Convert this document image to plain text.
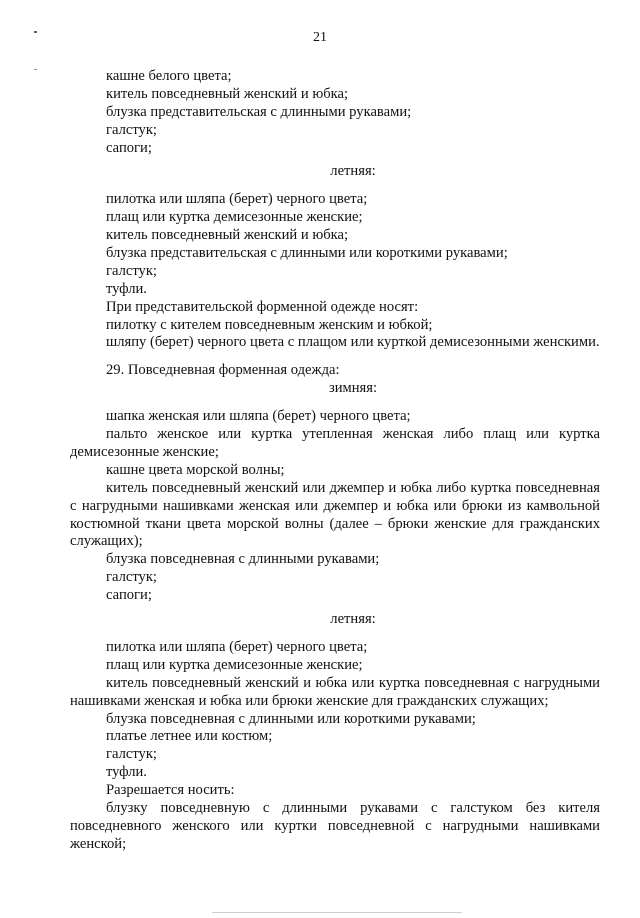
21
кашне белого цвета;
китель повседневный женский и юбка;
блузка представительская с длинными рукавами;
галстук;
сапоги;
летняя:
пилотка или шляпа (берет) черного цвета;
плащ или куртка демисезонные женские;
китель повседневный женский и юбка;
блузка представительская с длинными или короткими рукавами;
галстук;
туфли.
При представительской форменной одежде носят:
пилотку с кителем повседневным женским и юбкой;
шляпу (берет) черного цвета с плащом или курткой демисезонными женскими.
29. Повседневная форменная одежда:
зимняя:
шапка женская или шляпа (берет) черного цвета;
пальто женское или куртка утепленная женская либо плащ или куртка демисезонные женские;
кашне цвета морской волны;
китель повседневный женский или джемпер и юбка либо куртка повседневная с нагрудными нашивками женская или джемпер и юбка или брюки из камвольной костюмной ткани цвета морской волны (далее – брюки женские для гражданских служащих);
блузка повседневная с длинными рукавами;
галстук;
сапоги;
летняя:
пилотка или шляпа (берет) черного цвета;
плащ или куртка демисезонные женские;
китель повседневный женский и юбка или куртка повседневная с нагрудными нашивками женская и юбка или брюки женские для гражданских служащих;
блузка повседневная с длинными или короткими рукавами;
платье летнее или костюм;
галстук;
туфли.
Разрешается носить:
блузку повседневную с длинными рукавами с галстуком без кителя повседневного женского или куртки повседневной с нагрудными нашивками женской;
